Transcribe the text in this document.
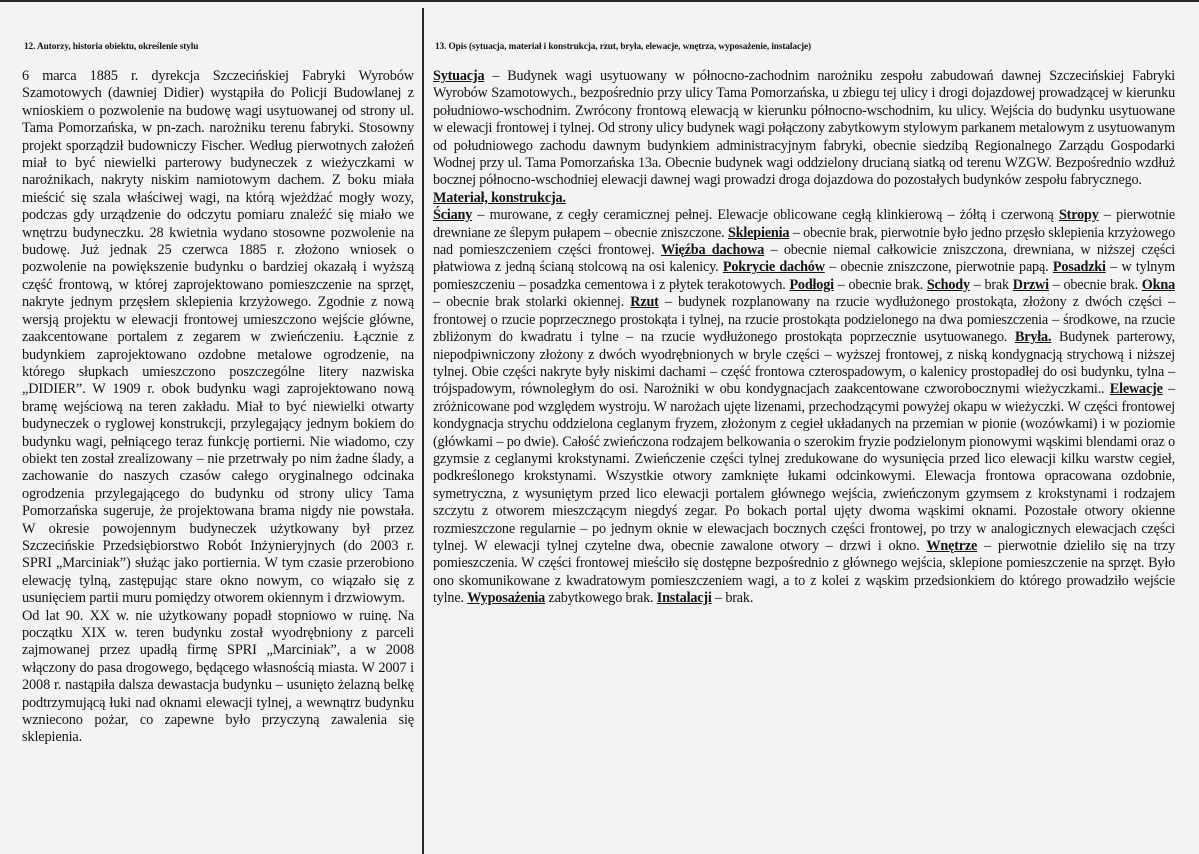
12. Autorzy, historia obiektu, określenie stylu

6 marca 1885 r. dyrekcja Szczecińskiej Fabryki Wyrobów Szamotowych (dawniej Didier) wystąpiła do Policji Budowlanej z wnioskiem o pozwolenie na budowę wagi usytuowanej od strony ul. Tama Pomorzańska, w pn-zach. narożniku terenu fabryki. Stosowny projekt sporządził budowniczy Fischer. Według pierwotnych założeń miał to być niewielki parterowy budyneczek z wieżyczkami w narożnikach, nakryty niskim namiotowym dachem. Z boku miała mieścić się szala właściwej wagi, na którą wjeżdżać mogły wozy, podczas gdy urządzenie do odczytu pomiaru znaleźć się miało we wnętrzu budyneczku. 28 kwietnia wydano stosowne pozwolenie na budowę. Już jednak 25 czerwca 1885 r. złożono wniosek o pozwolenie na powiększenie budynku o bardziej okazałą i wyższą część frontową, w której zaprojektowano pomieszczenie na sprzęt, nakryte jednym przęsłem sklepienia krzyżowego. Zgodnie z nową wersją projektu w elewacji frontowej umieszczono wejście główne, zaakcentowane portalem z zegarem w zwieńczeniu. Łącznie z budynkiem zaprojektowano ozdobne metalowe ogrodzenie, na którego słupkach umieszczono poszczególne litery nazwiska „DIDIER”. W 1909 r. obok budynku wagi zaprojektowano nową bramę wejściową na teren zakładu. Miał to być niewielki otwarty budyneczek o ryglowej konstrukcji, przylegający jednym bokiem do budynku wagi, pełniącego teraz funkcję portierni. Nie wiadomo, czy obiekt ten został zrealizowany – nie przetrwały po nim żadne ślady, a zachowanie do naszych czasów całego oryginalnego odcinaka ogrodzenia przylegającego do budynku od strony ulicy Tama Pomorzańska sugeruje, że projektowana brama nigdy nie powstała. W okresie powojennym budyneczek użytkowany był przez Szczecińskie Przedsiębiorstwo Robót Inżynieryjnych (do 2003 r. SPRI „Marciniak”) służąc jako portiernia. W tym czasie przerobiono elewację tylną, zastępując stare okno nowym, co wiązało się z usunięciem partii muru pomiędzy otworem okiennym i drzwiowym.

Od lat 90. XX w. nie użytkowany popadł stopniowo w ruinę. Na początku XIX w. teren budynku został wyodrębniony z parceli zajmowanej przez upadłą firmę SPRI „Marciniak”, a w 2008 włączony do pasa drogowego, będącego własnością miasta. W 2007 i 2008 r. nastąpiła dalsza dewastacja budynku – usunięto żelazną belkę podtrzymującą łuki nad oknami elewacji tylnej, a wewnątrz budynku wzniecono pożar, co zapewne było przyczyną zawalenia się sklepienia.

13. Opis (sytuacja, materiał i konstrukcja, rzut, bryła, elewacje, wnętrza, wyposażenie, instalacje)
Sytuacja – Budynek wagi usytuowany w północno-zachodnim narożniku zespołu zabudowań dawnej Szczecińskiej Fabryki Wyrobów Szamotowych., bezpośrednio przy ulicy Tama Pomorzańska, u zbiegu tej ulicy i drogi dojazdowej prowadzącej w kierunku południowo-wschodnim. Zwrócony frontową elewacją w kierunku północno-wschodnim, ku ulicy. Wejścia do budynku usytuowane w elewacji frontowej i tylnej. Od strony ulicy budynek wagi połączony zabytkowym stylowym parkanem metalowym z usytuowanym od południowego zachodu dawnym budynkiem administracyjnym fabryki, obecnie siedzibą Regionalnego Zarządu Gospodarki Wodnej przy ul. Tama Pomorzańska 13a. Obecnie budynek wagi oddzielony drucianą siatką od terenu WZGW. Bezpośrednio wzdłuż bocznej północno-wschodniej elewacji dawnej wagi prowadzi droga dojazdowa do pozostałych budynków zespołu fabrycznego.
Materiał, konstrukcja.
Ściany – murowane, z cegły ceramicznej pełnej. Elewacje oblicowane cegłą klinkierową – żółtą i czerwoną Stropy – pierwotnie drewniane ze ślepym pułapem – obecnie zniszczone. Sklepienia – obecnie brak, pierwotnie było jedno przęsło sklepienia krzyżowego nad pomieszczeniem części frontowej. Więźba dachowa – obecnie niemal całkowicie zniszczona, drewniana, w niższej części płatwiowa z jedną ścianą stolcową na osi kalenicy. Pokrycie dachów – obecnie zniszczone, pierwotnie papą. Posadzki – w tylnym pomieszczeniu – posadzka cementowa i z płytek terakotowych. Podłogi – obecnie brak. Schody – brak Drzwi – obecnie brak. Okna – obecnie brak stolarki okiennej. Rzut – budynek rozplanowany na rzucie wydłużonego prostokąta, złożony z dwóch części – frontowej o rzucie poprzecznego prostokąta i tylnej, na rzucie prostokąta podzielonego na dwa pomieszczenia – środkowe, na rzucie zbliżonym do kwadratu i tylne – na rzucie wydłużonego prostokąta poprzecznie usytuowanego. Bryła. Budynek parterowy, niepodpiwniczony złożony z dwóch wyodrębnionych w bryle części – wyższej frontowej, z niską kondygnacją strychową i niższej tylnej. Obie części nakryte były niskimi dachami – część frontowa czterospadowym, o kalenicy prostopadłej do osi budynku, tylna – trójspadowym, równoległym do osi. Narożniki w obu kondygnacjach zaakcentowane czworobocznymi wieżyczkami.. Elewacje – zróżnicowane pod względem wystroju. W narożach ujęte lizenami, przechodzącymi powyżej okapu w wieżyczki. W części frontowej kondygnacja strychu oddzielona ceglanym fryzem, złożonym z cegieł układanych na przemian w pionie (wozówkami) i w poziomie (główkami – po dwie). Całość zwieńczona rodzajem belkowania o szerokim fryzie podzielonym pionowymi wąskimi blendami oraz o gzymsie z ceglanymi krokstynami. Zwieńczenie części tylnej zredukowane do wysunięcia przed lico elewacji kilku warstw cegieł, podkreślonego krokstynami. Wszystkie otwory zamknięte łukami odcinkowymi. Elewacja frontowa opracowana ozdobnie, symetryczna, z wysuniętym przed lico elewacji portalem głównego wejścia, zwieńczonym gzymsem z krokstynami i rodzajem szczytu z otworem mieszczącym niegdyś zegar. Po bokach portal ujęty dwoma wąskimi oknami. Pozostałe otwory okienne rozmieszczone regularnie – po jednym oknie w elewacjach bocznych części frontowej, po trzy w analogicznych elewacjach części tylnej. W elewacji tylnej czytelne dwa, obecnie zawalone otwory – drzwi i okno. Wnętrze – pierwotnie dzieliło się na trzy pomieszczenia. W części frontowej mieściło się dostępne bezpośrednio z głównego wejścia, sklepione pomieszczenie na sprzęt. Było ono skomunikowane z kwadratowym pomieszczeniem wagi, a to z kolei z wąskim przedsionkiem do którego prowadziło wejście tylne. Wyposażenia zabytkowego brak. Instalacji – brak.
